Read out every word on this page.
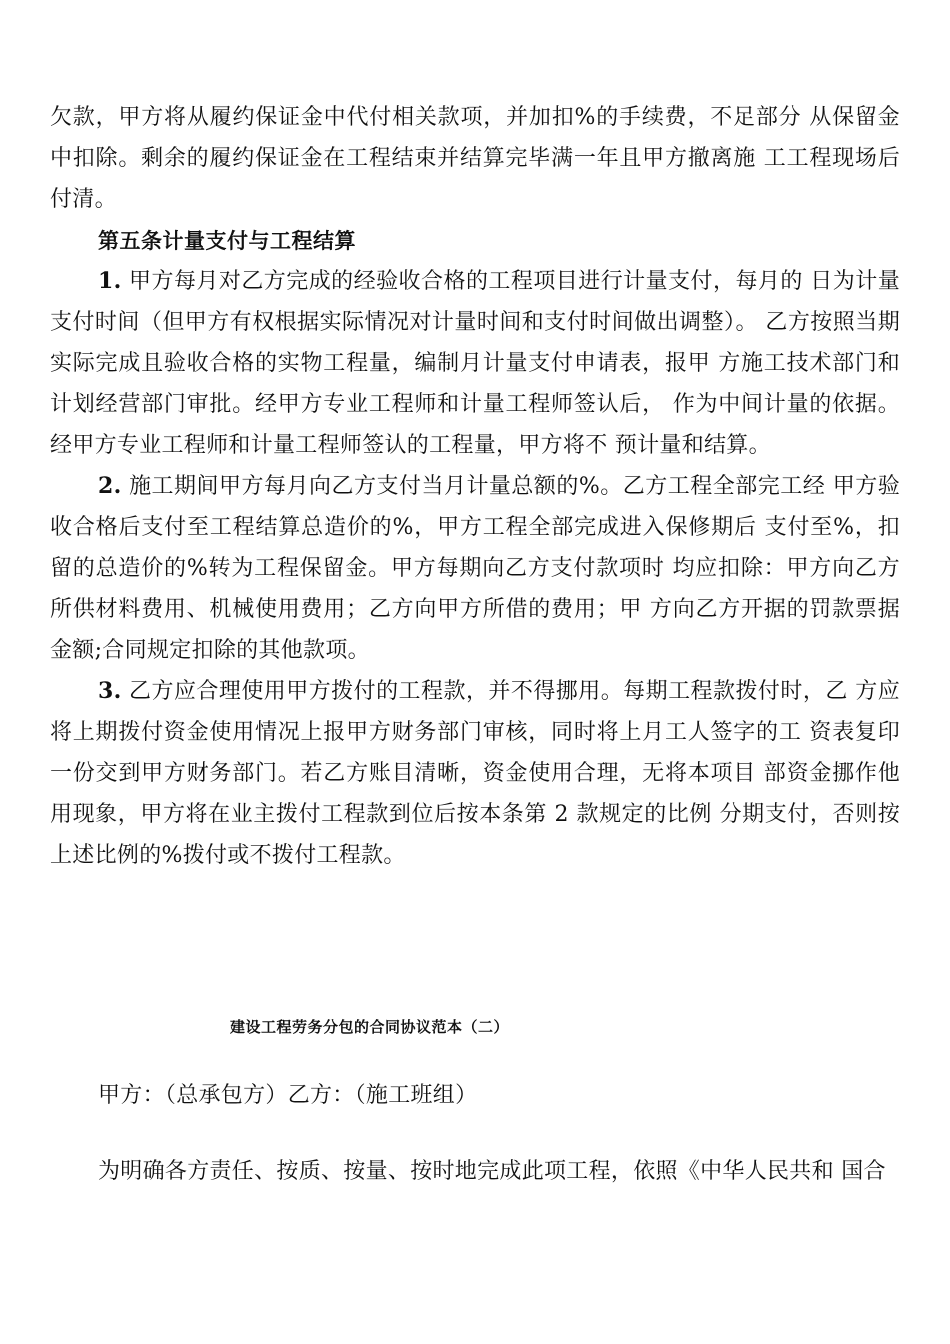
欠款，甲方将从履约保证金中代付相关款项，并加扣%的手续费，不足部分 从保留金中扣除。剩余的履约保证金在工程结束并结算完毕满一年且甲方撤离施 工工程现场后付清。

第五条计量支付与工程结算

1. 甲方每月对乙方完成的经验收合格的工程项目进行计量支付，每月的 日为计量支付时间（但甲方有权根据实际情况对计量时间和支付时间做出调整）。 乙方按照当期实际完成且验收合格的实物工程量，编制月计量支付申请表，报甲 方施工技术部门和计划经营部门审批。经甲方专业工程师和计量工程师签认后， 作为中间计量的依据。经甲方专业工程师和计量工程师签认的工程量，甲方将不 预计量和结算。

2. 施工期间甲方每月向乙方支付当月计量总额的%。乙方工程全部完工经 甲方验收合格后支付至工程结算总造价的%，甲方工程全部完成进入保修期后 支付至%，扣留的总造价的%转为工程保留金。甲方每期向乙方支付款项时 均应扣除：甲方向乙方所供材料费用、机械使用费用；乙方向甲方所借的费用；甲 方向乙方开据的罚款票据金额;合同规定扣除的其他款项。

3. 乙方应合理使用甲方拨付的工程款，并不得挪用。每期工程款拨付时，乙 方应将上期拨付资金使用情况上报甲方财务部门审核，同时将上月工人签字的工 资表复印一份交到甲方财务部门。若乙方账目清晰，资金使用合理，无将本项目 部资金挪作他用现象，甲方将在业主拨付工程款到位后按本条第 2 款规定的比例 分期支付，否则按上述比例的%拨付或不拨付工程款。

建设工程劳务分包的合同协议范本（二）

甲方：（总承包方）乙方：（施工班组）

为明确各方责任、按质、按量、按时地完成此项工程，依照《中华人民共和 国合
